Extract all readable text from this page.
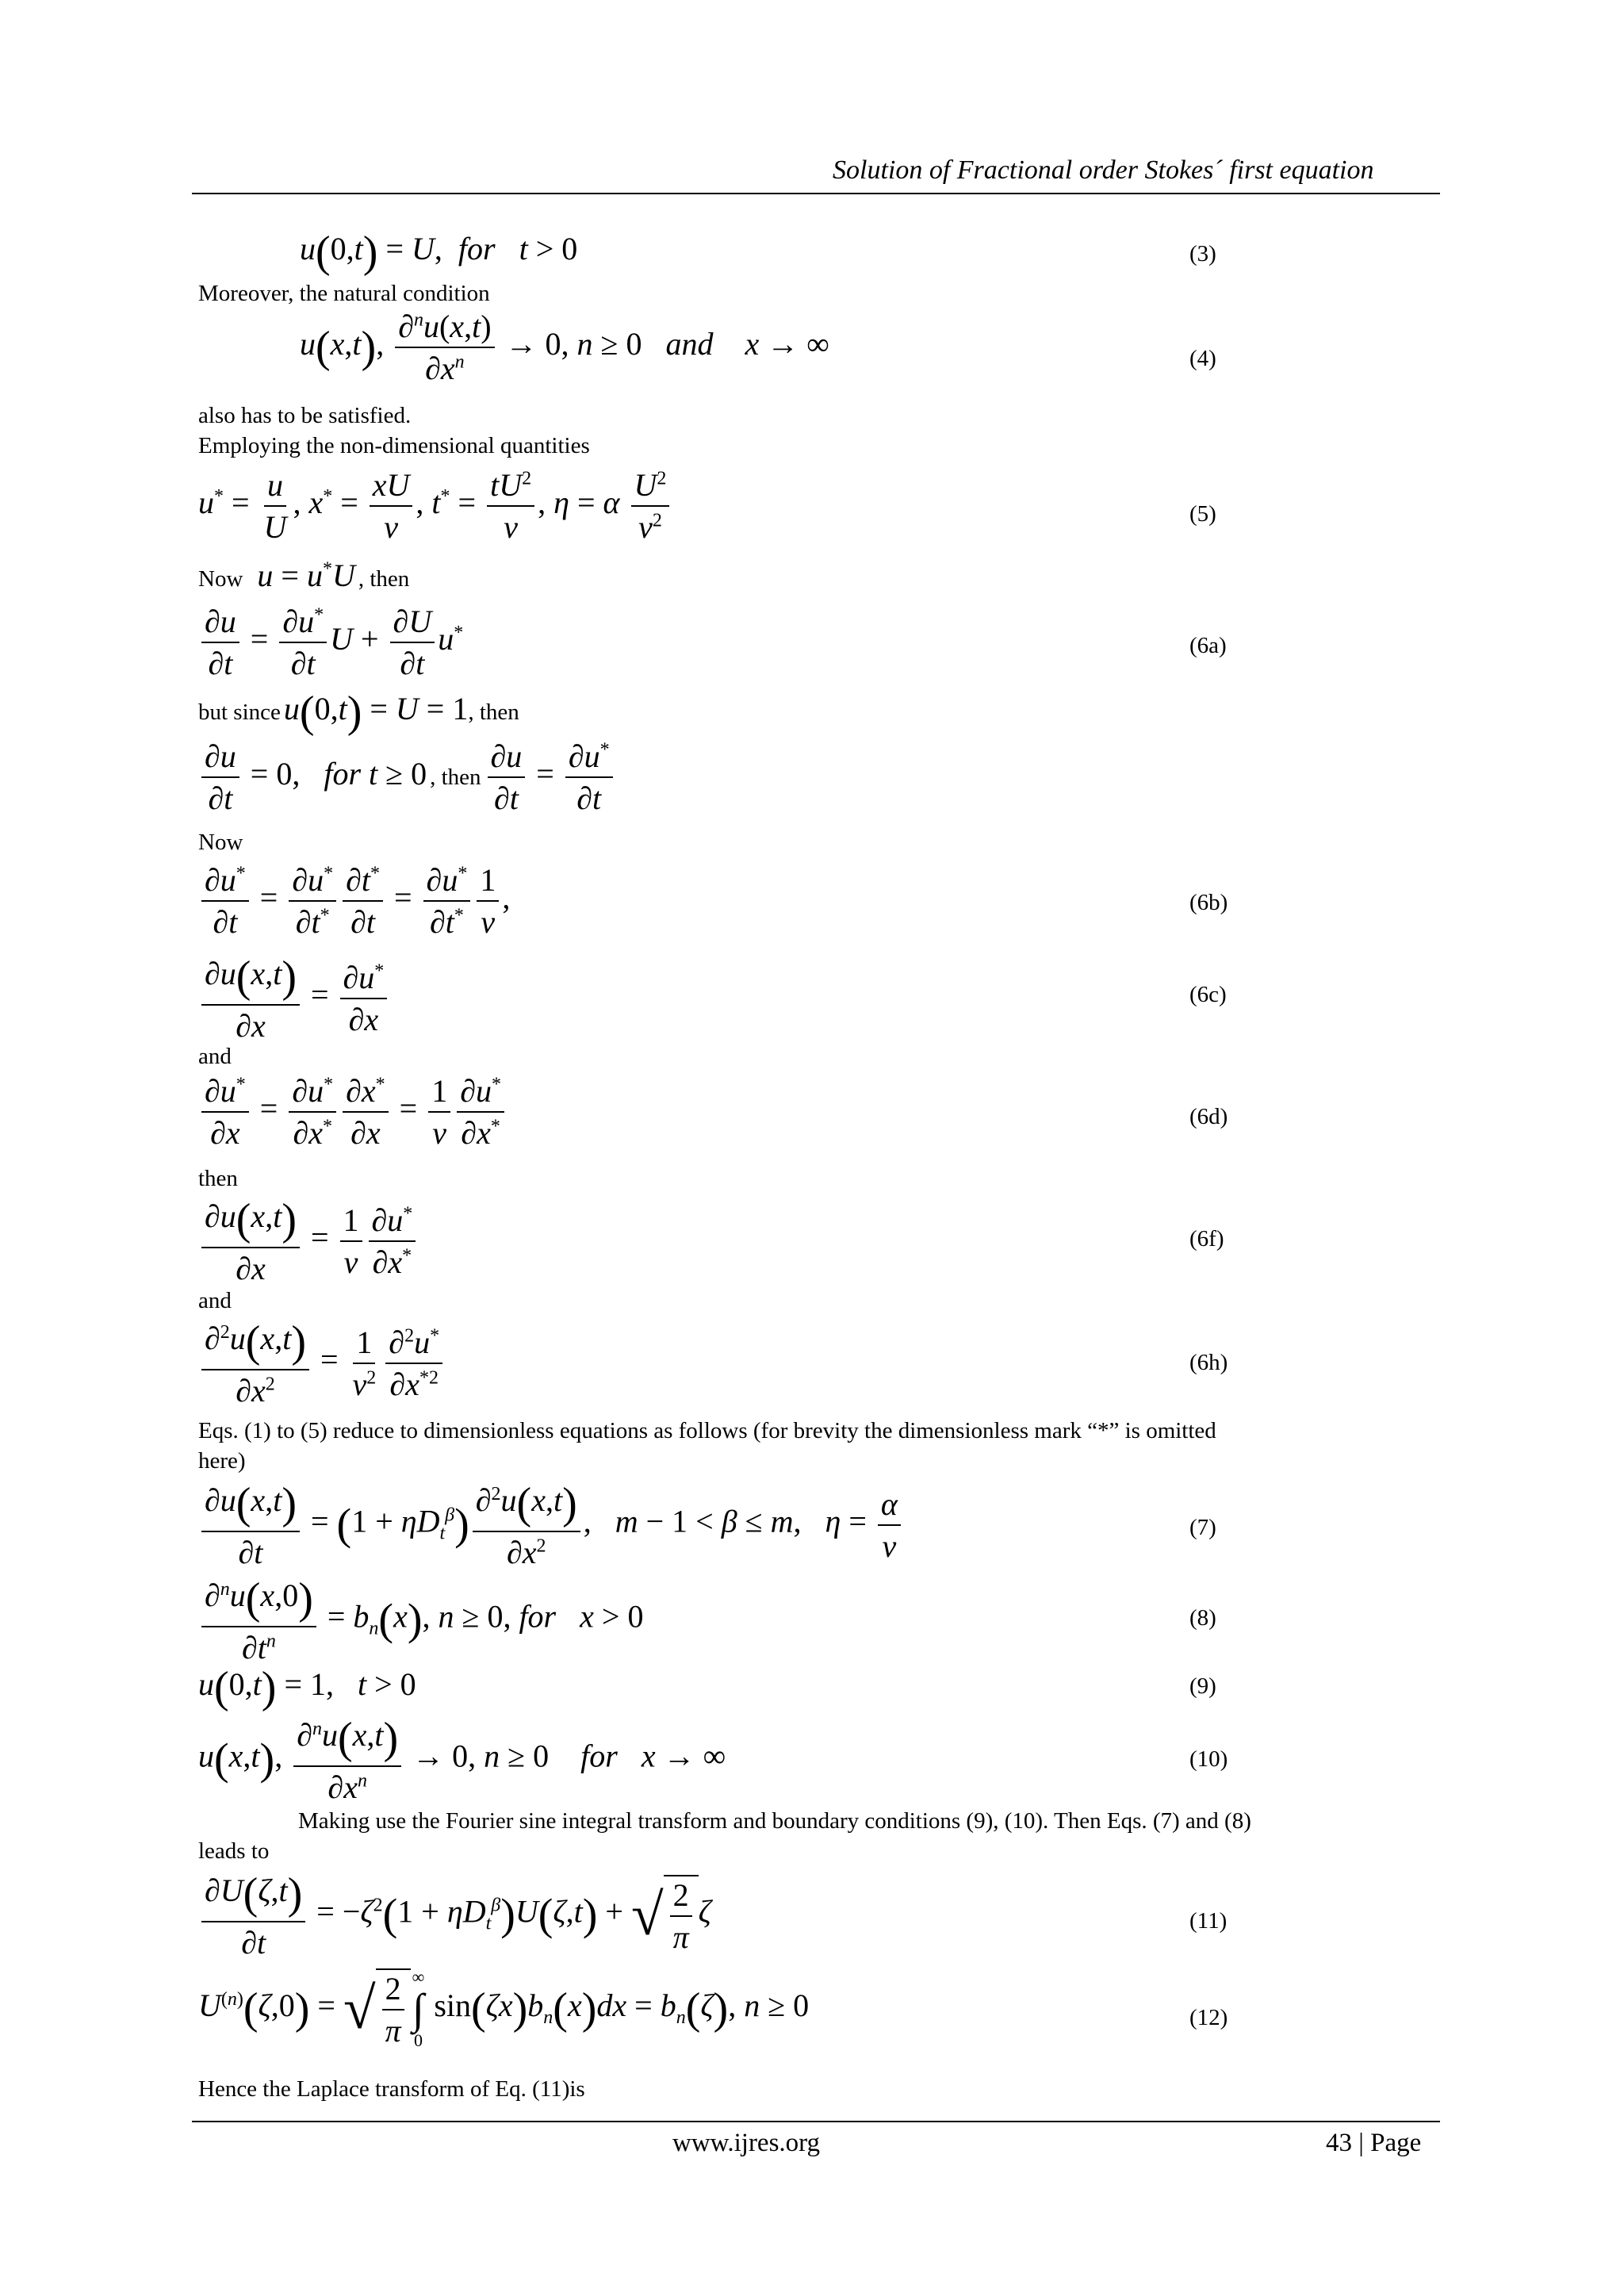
Solution of Fractional order Stokes´ first equation
u(0,t) = U,  for t > 0	(3)
Moreover, the natural condition
u(x,t), $\frac{\partial^nu(x,t)}{\partial x^n} \to 0$, n ≥ 0   and x → ∞	(4)
also has to be satisfied.
Employing the non-dimensional quantities
$u^* = \frac{u}{U}$ , $x^* = \frac{xU}{\nu}$ , $t^* = \frac{tU^2}{\nu}$ , η = α $\frac{U^2}{\nu^2}$	(5)
Now u = u*U , then
$\frac{\partial u}{\partial t} = \frac{\partial u^*}{\partial t}$ $U + \frac{\partial U}{\partial t} u^*$
(6a)
but since u(0,t) = U = 1, then
$\frac{\partial u}{\partial t} = 0$,   for t ≥ 0 , then $\frac{\partial u}{\partial t} = \frac{\partial u^*}{\partial t}$
Now
$\frac{\partial u^*}{\partial t} = \frac{\partial u^*}{\partial t^*} \frac{\partial t^*}{\partial t} = \frac{\partial u^*}{\partial t^*} \frac{1}{\nu}$ ,	(6b)
$\frac{\partial u(x,t)}{\partial x} = \frac{\partial u^*}{\partial x}$	(6c)
and
$\frac{\partial u^*}{\partial x} = \frac{\partial u^*}{\partial x^*} \frac{\partial x^*}{\partial x} = \frac{1}{\nu} \frac{\partial u^*}{\partial x^*}$	(6d)
then
$\frac{\partial u(x,t)}{\partial x} = \frac{1}{\nu} \frac{\partial u^*}{\partial x^*}$	(6f)
and
$\frac{\partial^2u(x,t)}{\partial x^2} = \frac{1}{\nu^2} \frac{\partial^2u^*}{\partial x^{*2}}$	(6h)
Eqs. (1) to (5) reduce to dimensionless equations as follows (for brevity the dimensionless mark “*” is omitted
here)
$\frac{\partial u(x,t)}{\partial t} = (1 + \eta D_t^\beta) \frac{\partial^2u(x,t)}{\partial x^2}$ ,   m − 1 < β ≤ m,   $\eta = \frac{\alpha}{\nu}$	(7)
$\frac{\partial^nu(x,0)}{\partial t^n} = b_n(x)$, n ≥ 0, for x > 0	(8)
u(0,t) = 1,   t > 0	(9)
u(x,t), $\frac{\partial^nu(x,t)}{\partial x^n} \to 0$, n ≥ 0    for x → ∞	(10)
Making use the Fourier sine integral transform and boundary conditions (9), (10). Then Eqs. (7) and (8)
leads to
$\frac{\partial U(\zeta,t)}{\partial t} = -\zeta^2(1 + \eta D_t^\beta)U(\zeta,t)$ + √ $\frac{2}{\pi}$ ζ	(11)
$U^{(n)}(\zeta,0)$ = √ $\frac{2}{\pi}$ ∞
∫
0
$\sin(\zeta x)b_n(x)dx = b_n(\zeta)$, n ≥ 0	(12)
Hence the Laplace transform of Eq. (11)is
www.ijres.org	43 | Page
